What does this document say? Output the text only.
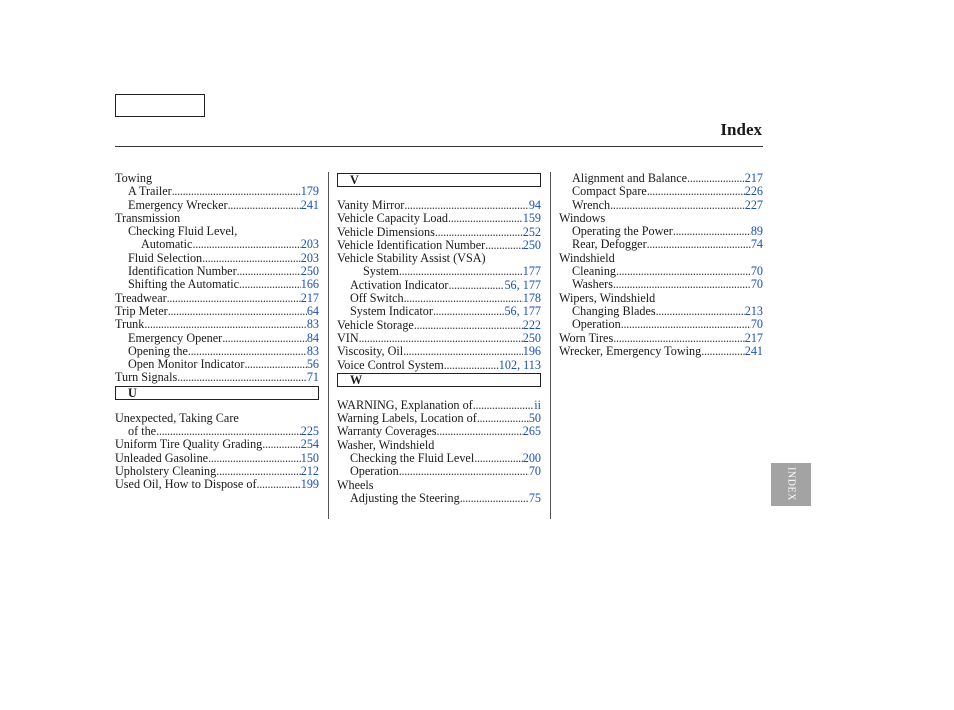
Index
Towing
A Trailer .....	179
Emergency Wrecker .....	241
Transmission
Checking Fluid Level,
Automatic .....	203
Fluid Selection .....	203
Identification Number .....	250
Shifting the Automatic .....	166
Treadwear .....	217
Trip Meter .....	64
Trunk .....	83
Emergency Opener .....	84
Opening the .....	83
Open Monitor Indicator .....	56
Turn Signals .....	71
U
Unexpected, Taking Care
of the .....	225
Uniform Tire Quality Grading .....	254
Unleaded Gasoline .....	150
Upholstery Cleaning .....	212
Used Oil, How to Dispose of .....	199
V
Vanity Mirror .....	94
Vehicle Capacity Load .....	159
Vehicle Dimensions .....	252
Vehicle Identification Number .....	250
Vehicle Stability Assist (VSA)
System .....	177
Activation Indicator .....	56, 177
Off Switch .....	178
System Indicator .....	56, 177
Vehicle Storage .....	222
VIN .....	250
Viscosity, Oil .....	196
Voice Control System .....	102, 113
W
WARNING, Explanation of .....	ii
Warning Labels, Location of .....	50
Warranty Coverages .....	265
Washer, Windshield
Checking the Fluid Level .....	200
Operation .....	70
Wheels
Adjusting the Steering .....	75
Alignment and Balance .....	217
Compact Spare .....	226
Wrench .....	227
Windows
Operating the Power .....	89
Rear, Defogger .....	74
Windshield
Cleaning .....	70
Washers .....	70
Wipers, Windshield
Changing Blades .....	213
Operation .....	70
Worn Tires .....	217
Wrecker, Emergency Towing .....	241
INDEX
